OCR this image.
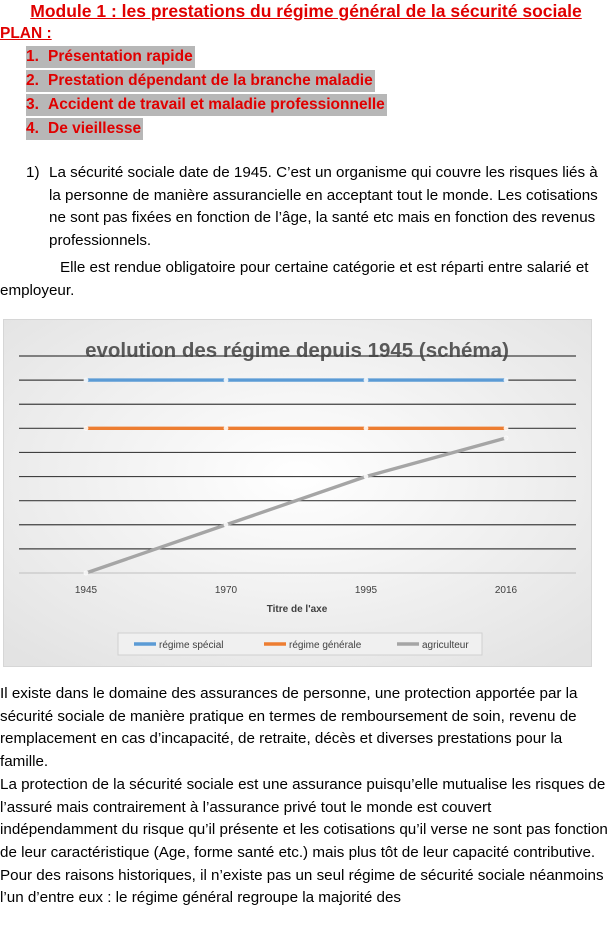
Module 1 : les prestations du régime général de la sécurité sociale
PLAN :
1. Présentation rapide
2. Prestation dépendant de la branche maladie
3. Accident de travail et maladie professionnelle
4. De vieillesse
1) La sécurité sociale date de 1945. C’est un organisme qui couvre les risques liés à la personne de manière assurancielle en acceptant tout le monde. Les cotisations ne sont pas fixées en fonction de l’âge, la santé etc mais en fonction des revenus professionnels.
Elle est rendue obligatoire pour certaine catégorie et est réparti entre salarié et employeur.
evolution des régime depuis 1945 (schéma)
1945	1970	1995	2016
Titre de l'axe
régime spécial	régime générale	agriculteur

Il existe dans le domaine des assurances de personne, une protection apportée par la sécurité sociale de manière pratique en termes de remboursement de soin, revenu de remplacement en cas d’incapacité, de retraite, décès et diverses prestations pour la famille.

La protection de la sécurité sociale est une assurance puisqu’elle mutualise les risques de l’assuré mais contrairement à l’assurance privé tout le monde est couvert indépendamment du risque qu’il présente et les cotisations qu’il verse ne sont pas fonction de leur caractéristique (Age, forme santé etc.) mais plus tôt de leur capacité contributive.

Pour des raisons historiques, il n’existe pas un seul régime de sécurité sociale néanmoins l’un d’entre eux : le régime général regroupe la majorité des
